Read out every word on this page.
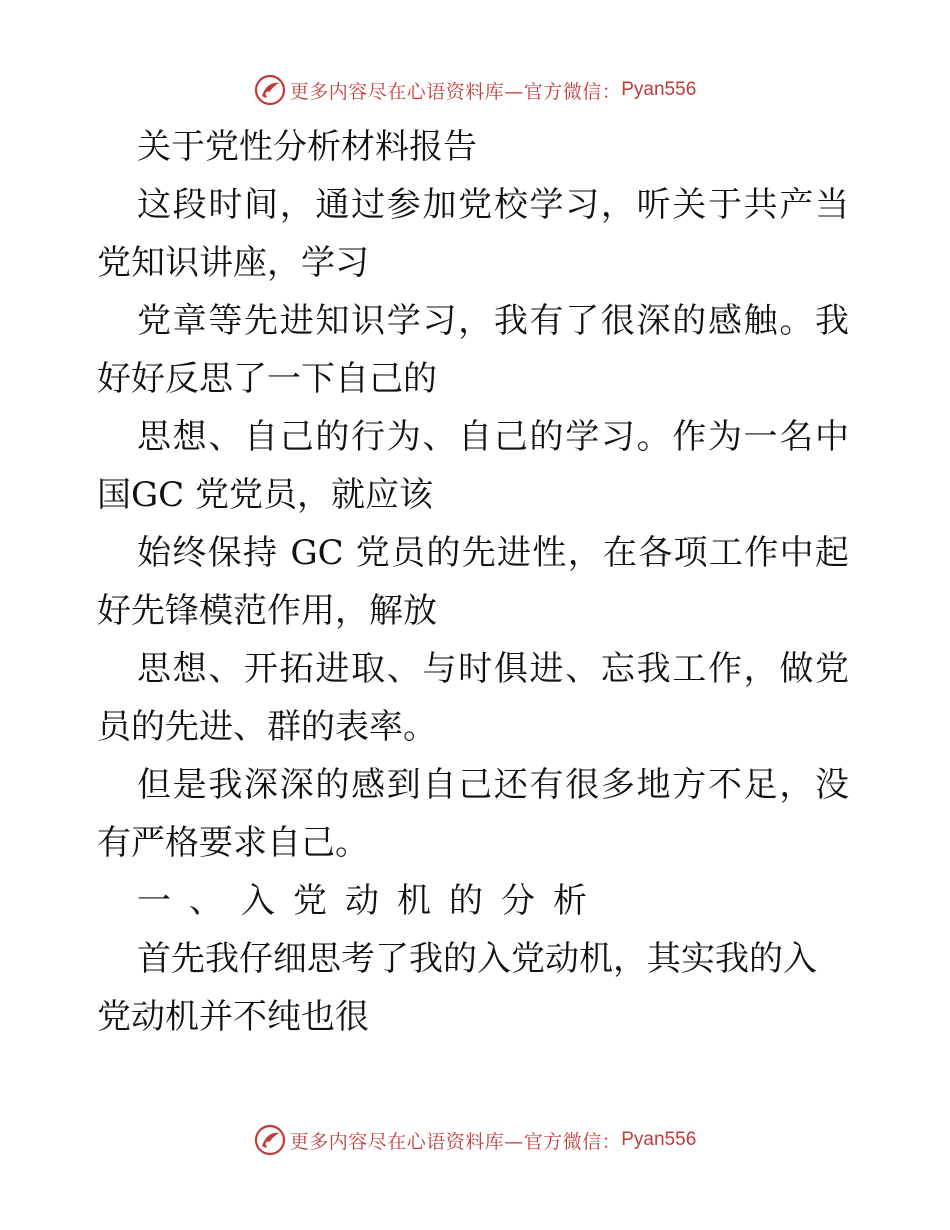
更多内容尽在心语资料库—官方微信： Pyan556

关于党性分析材料报告

这段时间，通过参加党校学习，听关于共产当党知识讲座，学习

党章等先进知识学习，我有了很深的感触。我好好反思了一下自己的

思想、自己的行为、自己的学习。作为一名中国GC 党党员，就应该

始终保持 GC 党员的先进性，在各项工作中起好先锋模范作用，解放

思想、开拓进取、与时俱进、忘我工作，做党员的先进、群的表率。

但是我深深的感到自己还有很多地方不足，没有严格要求自己。

一、入党动机的分析

首先我仔细思考了我的入党动机，其实我的入党动机并不纯也很

更多内容尽在心语资料库—官方微信： Pyan556
